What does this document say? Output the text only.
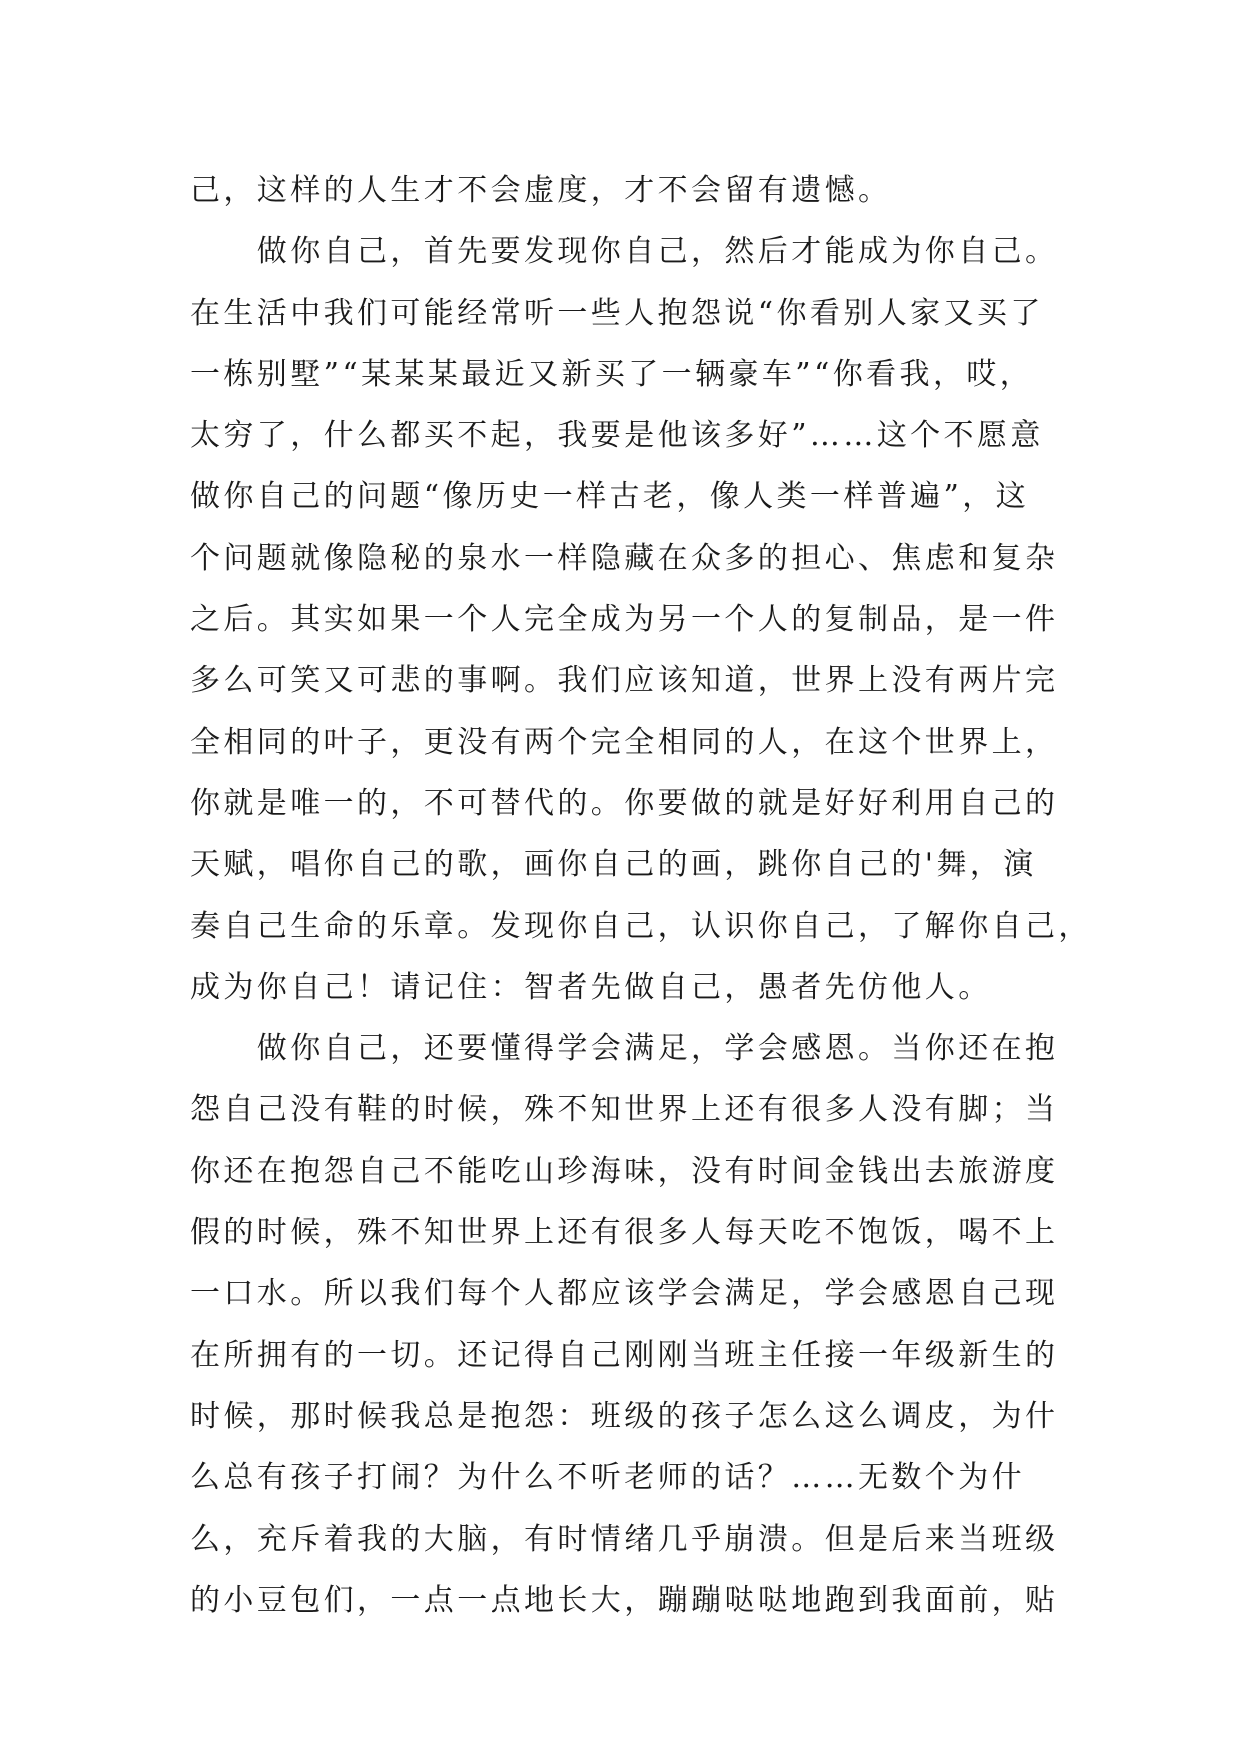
己，这样的人生才不会虚度，才不会留有遗憾。
　　做你自己，首先要发现你自己，然后才能成为你自己。
在生活中我们可能经常听一些人抱怨说“你看别人家又买了
一栋别墅”“某某某最近又新买了一辆豪车”“你看我，哎，
太穷了，什么都买不起，我要是他该多好”……这个不愿意
做你自己的问题“像历史一样古老，像人类一样普遍”，这
个问题就像隐秘的泉水一样隐藏在众多的担心、焦虑和复杂
之后。其实如果一个人完全成为另一个人的复制品，是一件
多么可笑又可悲的事啊。我们应该知道，世界上没有两片完
全相同的叶子，更没有两个完全相同的人，在这个世界上，
你就是唯一的，不可替代的。你要做的就是好好利用自己的
天赋，唱你自己的歌，画你自己的画，跳你自己的'舞，演
奏自己生命的乐章。发现你自己，认识你自己，了解你自己，
成为你自己！请记住：智者先做自己，愚者先仿他人。
　　做你自己，还要懂得学会满足，学会感恩。当你还在抱
怨自己没有鞋的时候，殊不知世界上还有很多人没有脚；当
你还在抱怨自己不能吃山珍海味，没有时间金钱出去旅游度
假的时候，殊不知世界上还有很多人每天吃不饱饭，喝不上
一口水。所以我们每个人都应该学会满足，学会感恩自己现
在所拥有的一切。还记得自己刚刚当班主任接一年级新生的
时候，那时候我总是抱怨：班级的孩子怎么这么调皮，为什
么总有孩子打闹？为什么不听老师的话？……无数个为什
么，充斥着我的大脑，有时情绪几乎崩溃。但是后来当班级
的小豆包们，一点一点地长大，蹦蹦哒哒地跑到我面前，贴
